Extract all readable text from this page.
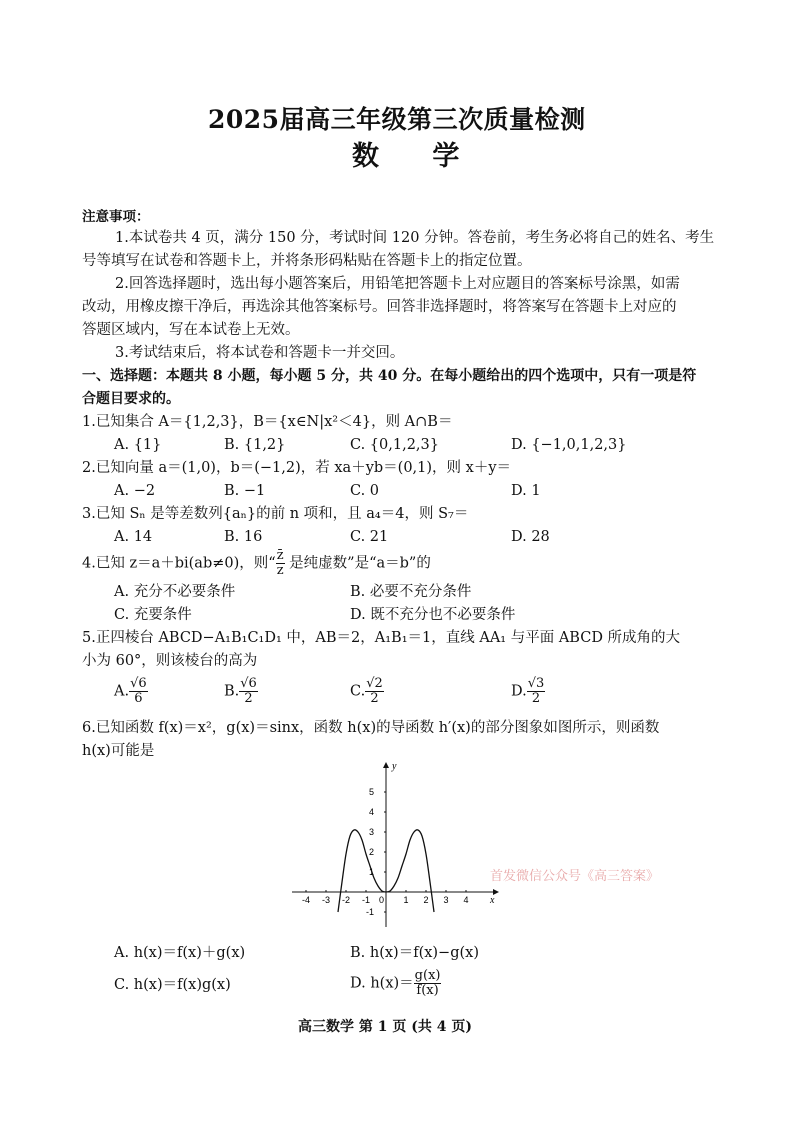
2025届高三年级第三次质量检测
数 学
注意事项：
1.本试卷共 4 页，满分 150 分，考试时间 120 分钟。答卷前，考生务必将自己的姓名、考生
号等填写在试卷和答题卡上，并将条形码粘贴在答题卡上的指定位置。
2.回答选择题时，选出每小题答案后，用铅笔把答题卡上对应题目的答案标号涂黑，如需
改动，用橡皮擦干净后，再选涂其他答案标号。回答非选择题时，将答案写在答题卡上对应的
答题区域内，写在本试卷上无效。
3.考试结束后，将本试卷和答题卡一并交回。
一、选择题：本题共 8 小题，每小题 5 分，共 40 分。在每小题给出的四个选项中，只有一项是符
合题目要求的。
1.已知集合 A＝{1,2,3}，B＝{x∈N|x²＜4}，则 A∩B＝
A. {1}	B. {1,2}	C. {0,1,2,3}	D. {−1,0,1,2,3}
2.已知向量 a＝(1,0)，b＝(−1,2)，若 xa＋yb＝(0,1)，则 x＋y＝
A. −2	B. −1	C. 0	D. 1
3.已知 Sₙ 是等差数列{aₙ}的前 n 项和，且 a₄＝4，则 S₇＝
A. 14	B. 16	C. 21	D. 28
4.已知 z＝a＋bi(ab≠0)，则“ $\frac{z̄}{z}$ 是纯虚数”是“a＝b”的
A. 充分不必要条件	B. 必要不充分条件
C. 充要条件	D. 既不充分也不必要条件
5.正四棱台 ABCD−A₁B₁C₁D₁ 中，AB＝2，A₁B₁＝1，直线 AA₁ 与平面 ABCD 所成角的大
小为 60°，则该棱台的高为
A. $\frac{√6}{6}$	B. $\frac{√6}{2}$	C. $\frac{√2}{2}$	D. $\frac{√3}{2}$
6.已知函数 f(x)＝x²，g(x)＝sinx，函数 h(x)的导函数 h′(x)的部分图象如图所示，则函数
h(x)可能是
y
x
0
5
4
3
2
1
-1
-4 -3 -2 -1	1 2 3 4
首发微信公众号《高三答案》
A. h(x)＝f(x)＋g(x)	B. h(x)＝f(x)−g(x)
C. h(x)＝f(x)g(x)	D. $h(x)= \frac{g(x)}{f(x)}$
高三数学 第 1 页 (共 4 页)
